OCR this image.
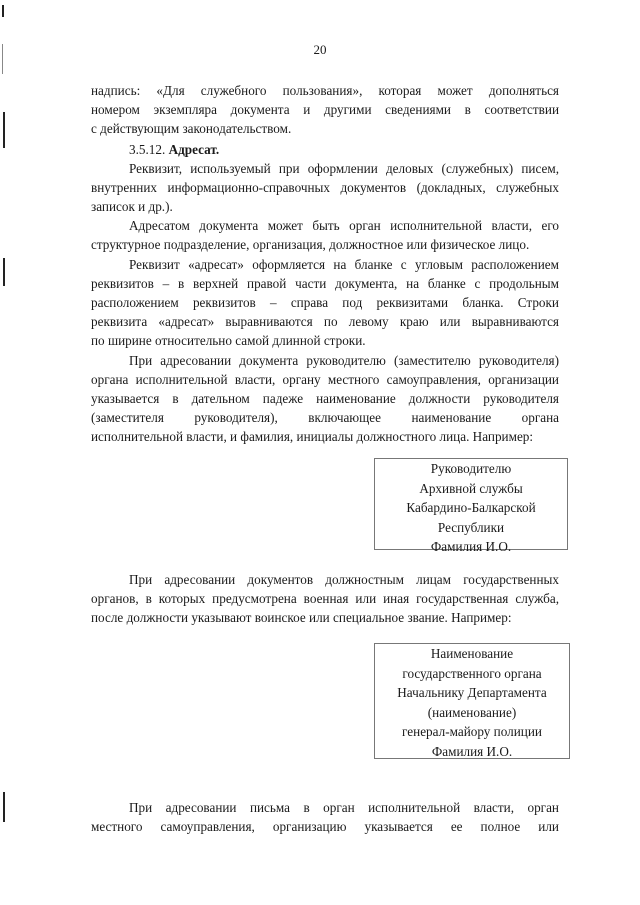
20

надпись: «Для служебного пользования», которая может дополняться

номером экземпляра документа и другими сведениями в соответствии

с действующим законодательством.

3.5.12. Адресат.

Реквизит, используемый при оформлении деловых (служебных) писем,

внутренних информационно-справочных документов (докладных, служебных

записок и др.).

Адресатом документа может быть орган исполнительной власти, его

структурное подразделение, организация, должностное или физическое лицо.

Реквизит «адресат» оформляется на бланке с угловым расположением

реквизитов – в верхней правой части документа, на бланке с продольным

расположением реквизитов – справа под реквизитами бланка. Строки

реквизита «адресат» выравниваются по левому краю или выравниваются

по ширине относительно самой длинной строки.

При адресовании документа руководителю (заместителю руководителя)

органа исполнительной власти, органу местного самоуправления, организации

указывается в дательном падеже наименование должности руководителя

(заместителя руководителя), включающее наименование органа

исполнительной власти, и фамилия, инициалы должностного лица. Например:

Руководителю
Архивной службы
Кабардино-Балкарской
Республики
Фамилия И.О.

При адресовании документов должностным лицам государственных

органов, в которых предусмотрена военная или иная государственная служба,

после должности указывают воинское или специальное звание. Например:

Наименование
государственного органа
Начальнику Департамента
(наименование)
генерал-майору полиции
Фамилия И.О.

При адресовании письма в орган исполнительной власти, орган

местного самоуправления, организацию указывается ее полное или
